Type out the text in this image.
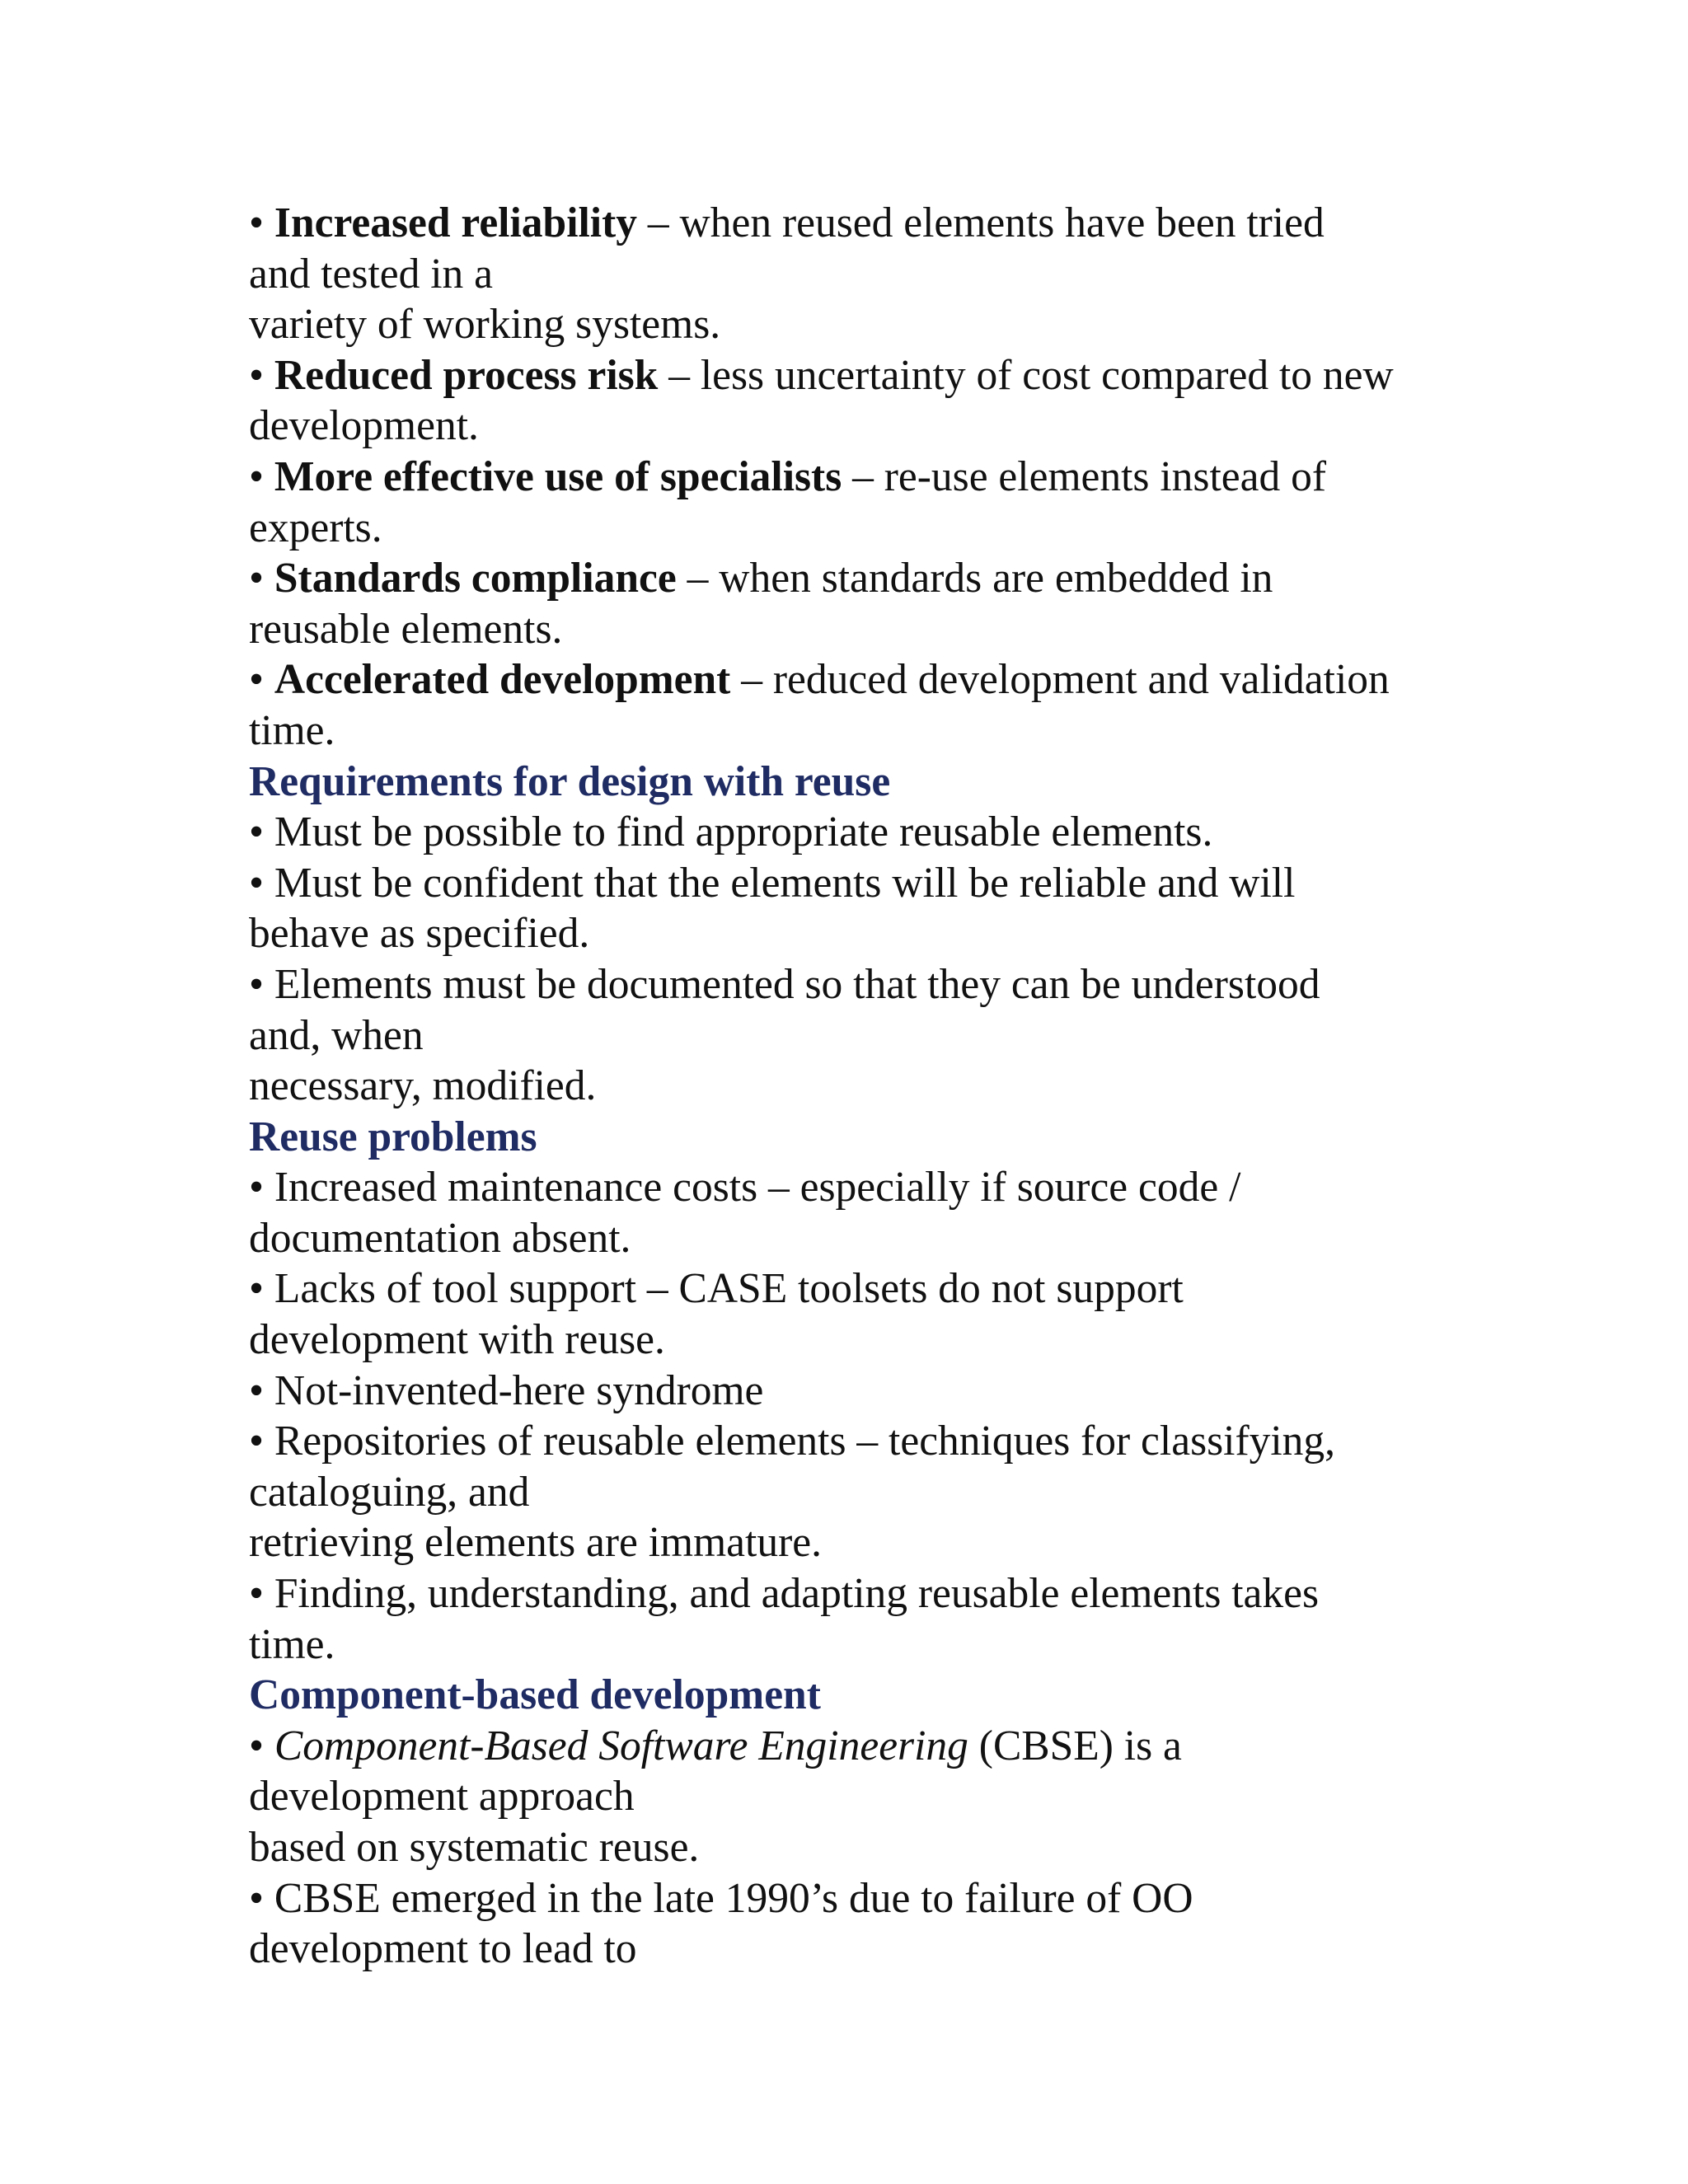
• Increased reliability – when reused elements have been tried
and tested in a
variety of working systems.
• Reduced process risk – less uncertainty of cost compared to new
development.
• More effective use of specialists – re-use elements instead of
experts.
• Standards compliance – when standards are embedded in
reusable elements.
• Accelerated development – reduced development and validation
time.
Requirements for design with reuse
• Must be possible to find appropriate reusable elements.
• Must be confident that the elements will be reliable and will
behave as specified.
• Elements must be documented so that they can be understood
and, when
necessary, modified.
Reuse problems
• Increased maintenance costs – especially if source code /
documentation absent.
• Lacks of tool support – CASE toolsets do not support
development with reuse.
• Not-invented-here syndrome
• Repositories of reusable elements – techniques for classifying,
cataloguing, and
retrieving elements are immature.
• Finding, understanding, and adapting reusable elements takes
time.
Component-based development
• Component-Based Software Engineering (CBSE) is a
development approach
based on systematic reuse.
• CBSE emerged in the late 1990’s due to failure of OO
development to lead to
